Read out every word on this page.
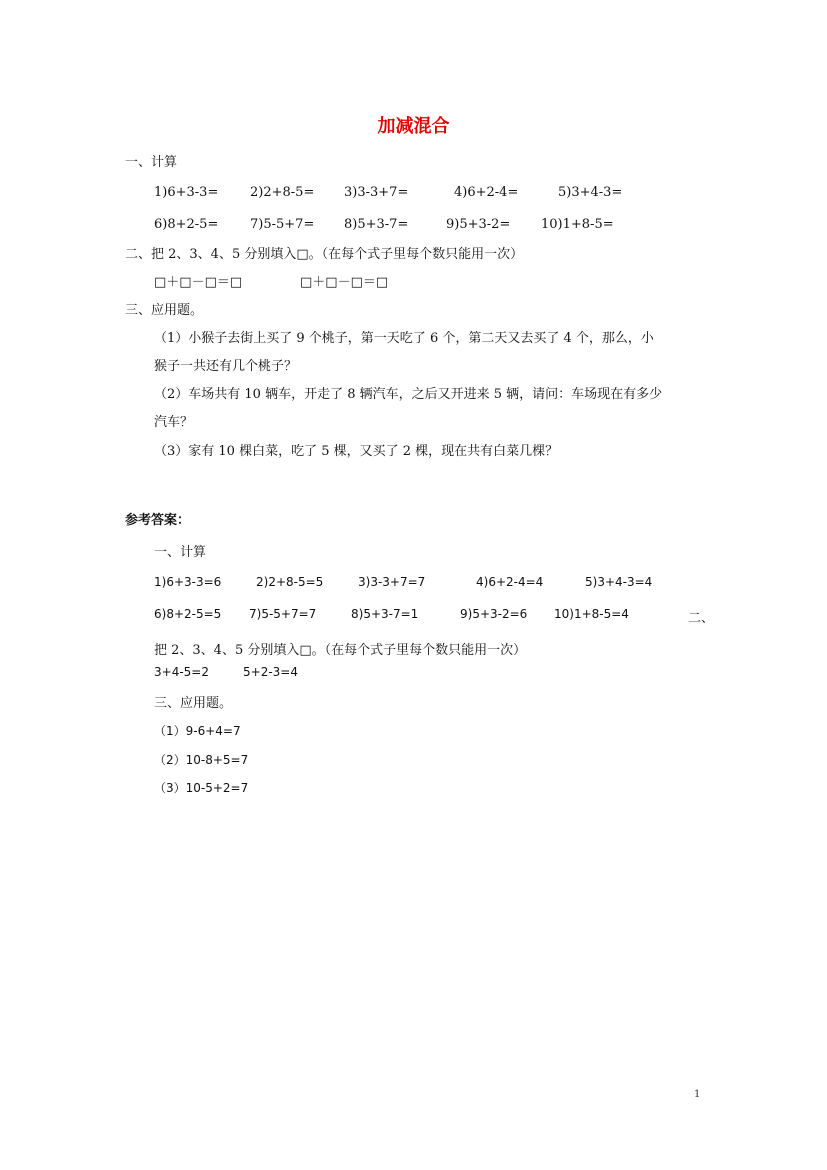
加减混合
一、计算
1)6+3-3= 2)2+8-5= 3)3-3+7=	4)6+2-4=	5)3+4-3=
6)8+2-5= 7)5-5+7= 8)5+3-7=	9)5+3-2= 10)1+8-5=
二、把 2、3、4、5 分别填入□。（在每个式子里每个数只能用一次）
□＋□－□＝□	□＋□－□＝□
三、应用题。
（1）小猴子去街上买了 9 个桃子，第一天吃了 6 个，第二天又去买了 4 个，那么，小
猴子一共还有几个桃子？
（2）车场共有 10 辆车，开走了 8 辆汽车，之后又开进来 5 辆，请问：车场现在有多少
汽车？
（3）家有 10 棵白菜，吃了 5 棵，又买了 2 棵，现在共有白菜几棵？
参考答案：
一、计算
1)6+3-3=6	2)2+8-5=5	3)3-3+7=7	4)6+2-4=4	5)3+4-3=4
6)8+2-5=5 7)5-5+7=7	8)5+3-7=1	9)5+3-2=6 10)1+8-5=4	二、
把 2、3、4、5 分别填入□。（在每个式子里每个数只能用一次）
3+4-5=2	5+2-3=4
三、应用题。
（1）9-6+4=7
（2）10-8+5=7
（3）10-5+2=7
1
